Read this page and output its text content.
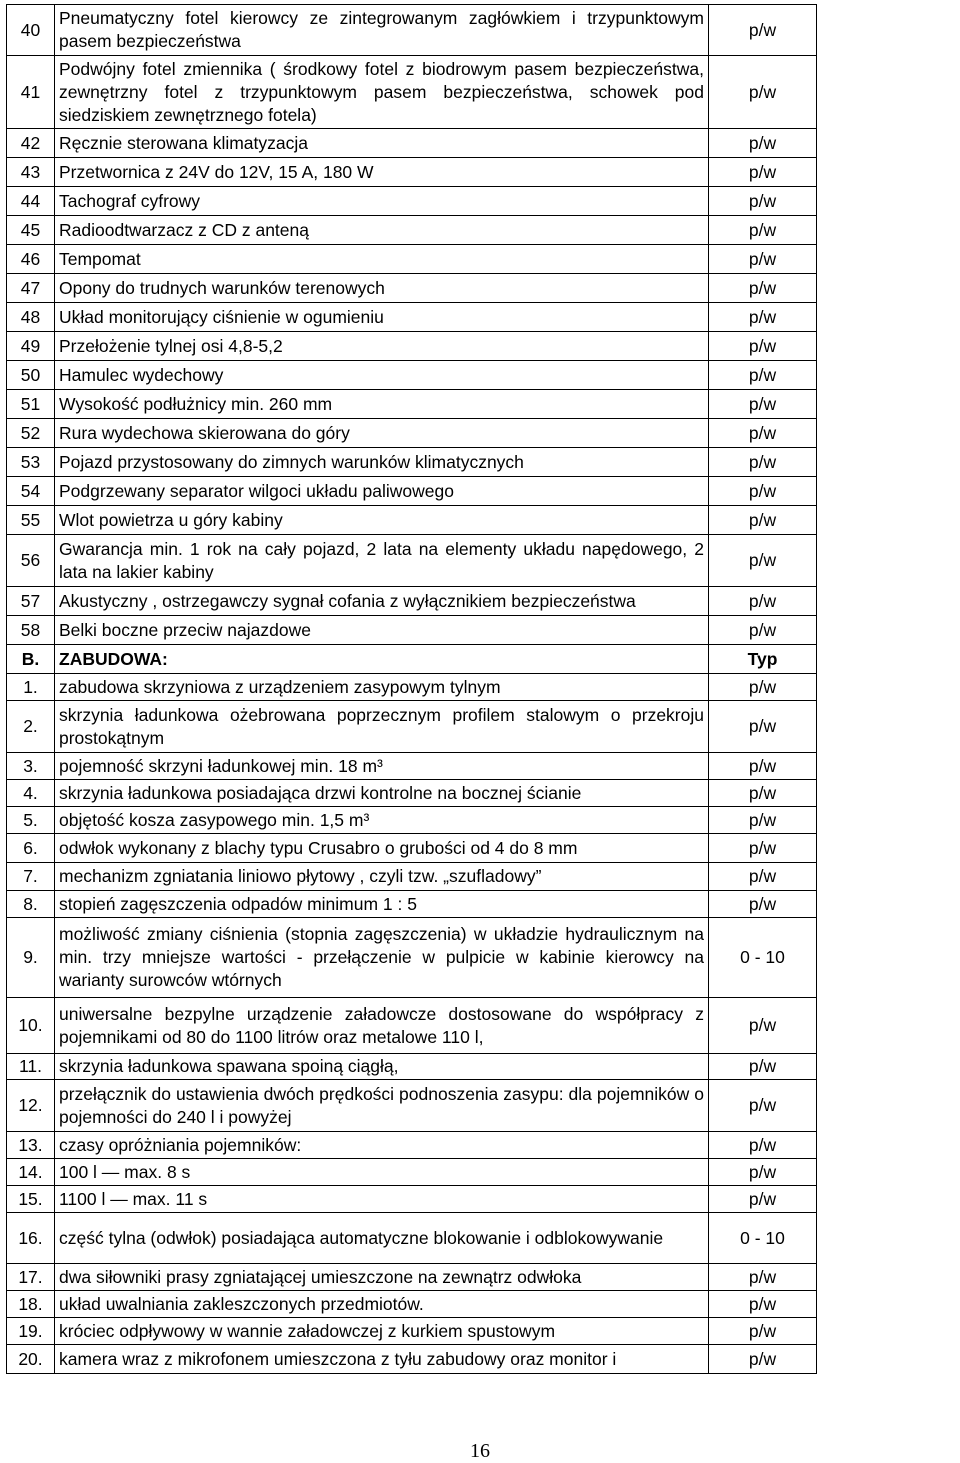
40	Pneumatyczny fotel kierowcy ze zintegrowanym zagłówkiem i trzypunktowym pasem bezpieczeństwa	p/w
41	Podwójny fotel zmiennika ( środkowy fotel z biodrowym pasem bezpieczeństwa, zewnętrzny fotel z trzypunktowym pasem bezpieczeństwa, schowek pod siedziskiem zewnętrznego fotela)	p/w
42	Ręcznie sterowana klimatyzacja	p/w
43	Przetwornica z 24V do 12V, 15 A, 180 W	p/w
44	Tachograf cyfrowy	p/w
45	Radioodtwarzacz z CD z anteną	p/w
46	Tempomat	p/w
47	Opony do trudnych warunków terenowych	p/w
48	Układ monitorujący ciśnienie w ogumieniu	p/w
49	Przełożenie tylnej osi 4,8-5,2	p/w
50	Hamulec wydechowy	p/w
51	Wysokość podłużnicy min. 260 mm	p/w
52	Rura wydechowa skierowana do góry	p/w
53	Pojazd przystosowany do zimnych warunków klimatycznych	p/w
54	Podgrzewany separator wilgoci układu paliwowego	p/w
55	Wlot powietrza u góry kabiny	p/w
56	Gwarancja min. 1 rok na cały pojazd, 2 lata na elementy układu napędowego, 2 lata na lakier kabiny	p/w
57	Akustyczny , ostrzegawczy sygnał cofania z wyłącznikiem bezpieczeństwa	p/w
58	Belki boczne przeciw najazdowe	p/w
B.	ZABUDOWA:	Typ
1.	zabudowa skrzyniowa z urządzeniem zasypowym tylnym	p/w
2.	skrzynia ładunkowa ożebrowana poprzecznym profilem stalowym o przekroju prostokątnym	p/w
3.	pojemność skrzyni ładunkowej min. 18 m³	p/w
4.	skrzynia ładunkowa posiadająca drzwi kontrolne na bocznej ścianie	p/w
5.	objętość kosza zasypowego min. 1,5 m³	p/w
6.	odwłok wykonany z blachy typu Crusabro o grubości od 4 do 8 mm	p/w
7.	mechanizm zgniatania liniowo płytowy , czyli tzw. „szufladowy”	p/w
8.	stopień zagęszczenia odpadów minimum 1 : 5	p/w
9.	możliwość zmiany ciśnienia (stopnia zagęszczenia) w układzie hydraulicznym na min. trzy mniejsze wartości - przełączenie w pulpicie w kabinie kierowcy na warianty surowców wtórnych	0 - 10
10.	uniwersalne bezpylne urządzenie załadowcze dostosowane do współpracy z pojemnikami od 80 do 1100 litrów oraz metalowe 110 l,	p/w
11.	skrzynia ładunkowa spawana spoiną ciągłą,	p/w
12.	przełącznik do ustawienia dwóch prędkości podnoszenia zasypu: dla pojemników o pojemności do 240 l i powyżej	p/w
13.	czasy opróżniania pojemników:	p/w
14.	100 l — max. 8 s	p/w
15.	1100 l — max. 11 s	p/w
16.	część tylna (odwłok) posiadająca automatyczne blokowanie i odblokowywanie	0 - 10
17.	dwa siłowniki prasy zgniatającej umieszczone na zewnątrz odwłoka	p/w
18.	układ uwalniania zakleszczonych przedmiotów.	p/w
19.	króciec odpływowy w wannie załadowczej z kurkiem spustowym	p/w
20.	kamera wraz z mikrofonem umieszczona z tyłu zabudowy oraz monitor i	p/w
16
